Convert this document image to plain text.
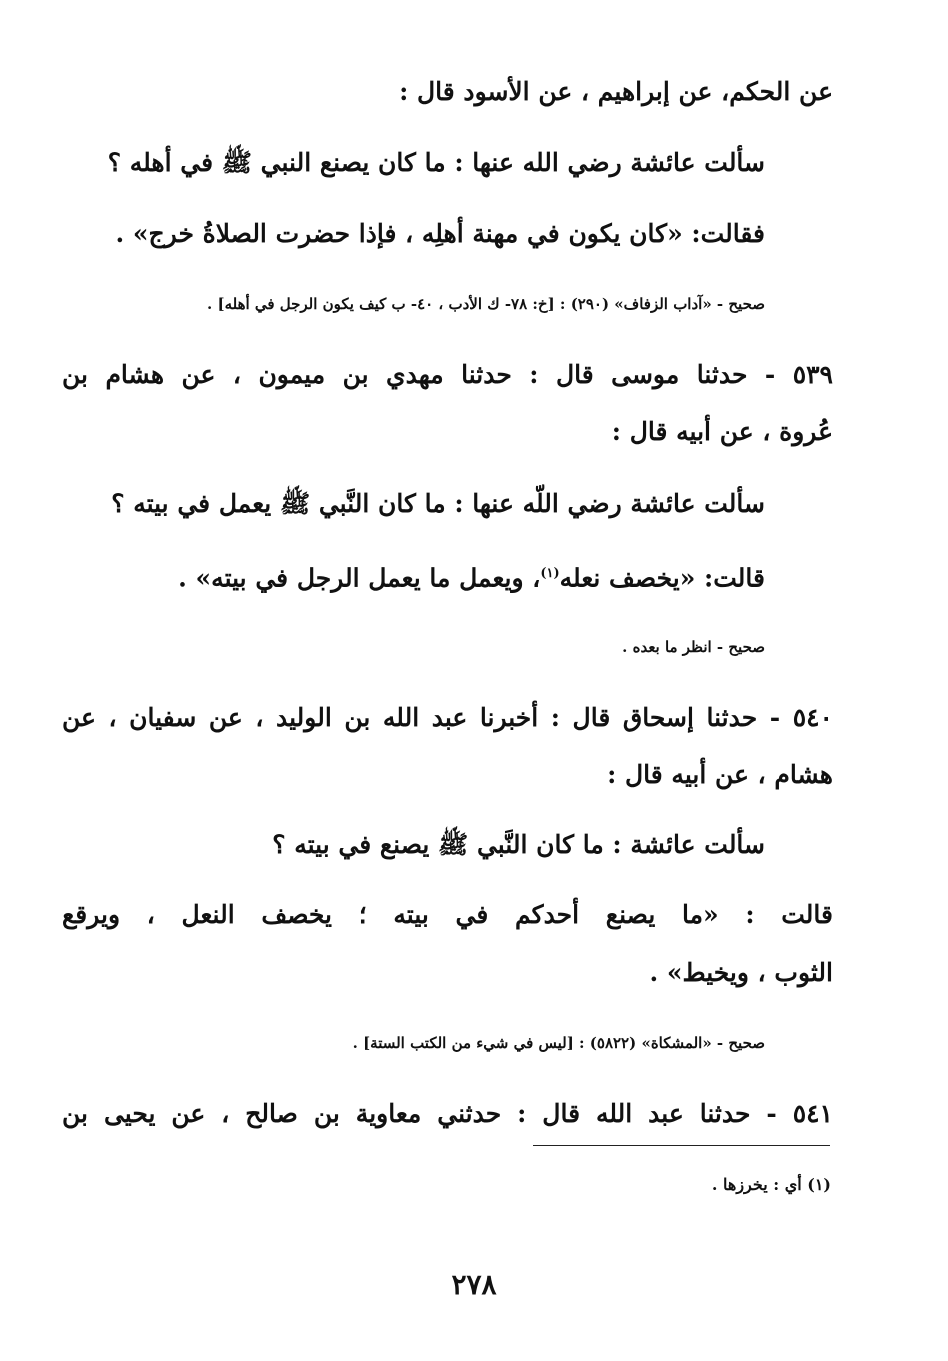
عن الحكم، عن إبراهيم ، عن الأسود قال :
سألت عائشة رضي الله عنها : ما كان يصنع النبي ﷺ في أهله ؟
فقالت: «كان يكون في مهنة أهلِه ، فإذا حضرت الصلاةُ خرج» .
صحيح - «آداب الزفاف» (٢٩٠) : [خ: ٧٨- ك الأدب ، ٤٠- ب كيف يكون الرجل في أهله] .
٥٣٩ - حدثنا موسى قال : حدثنا مهدي بن ميمون ، عن هشام بن
عُروة ، عن أبيه قال :
سألت عائشة رضي اللّه عنها : ما كان النَّبي ﷺ يعمل في بيته ؟
قالت: «يخصف نعله$^{(١)}$، ويعمل ما يعمل الرجل في بيته» .
صحيح - انظر ما بعده .
٥٤٠ - حدثنا إسحاق قال : أخبرنا عبد الله بن الوليد ، عن سفيان ، عن
هشام ، عن أبيه قال :
سألت عائشة : ما كان النَّبي ﷺ يصنع في بيته ؟
قالت : «ما يصنع أحدكم في بيته ؛ يخصف النعل ، ويرقع
الثوب ، ويخيط» .
صحيح - «المشكاة» (٥٨٢٢) : [ليس في شيء من الكتب الستة] .
٥٤١ - حدثنا عبد الله قال : حدثني معاوية بن صالح ، عن يحيى بن
(١) أي : يخرزها .
٢٧٨
